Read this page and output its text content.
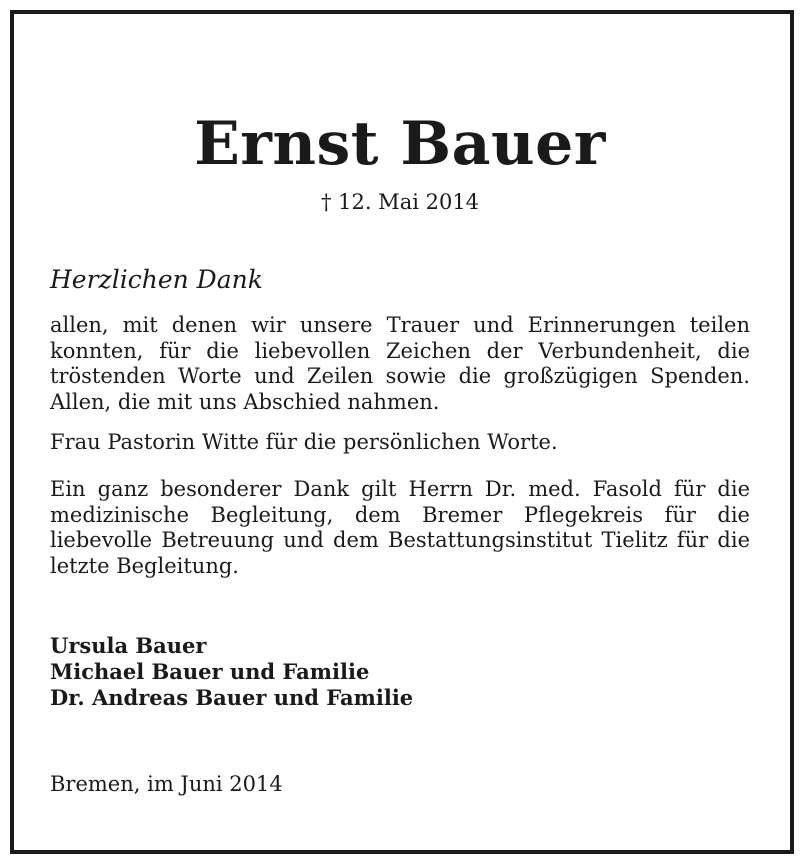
Ernst Bauer
† 12. Mai 2014
Herzlichen Dank

allen, mit denen wir unsere Trauer und Erinnerungen teilen konnten, für die liebevollen Zeichen der Verbundenheit, die tröstenden Worte und Zeilen sowie die großzügigen Spenden. Allen, die mit uns Abschied nahmen.

Frau Pastorin Witte für die persönlichen Worte.

Ein ganz besonderer Dank gilt Herrn Dr. med. Fasold für die medizinische Begleitung, dem Bremer Pflegekreis für die liebevolle Betreuung und dem Bestattungsinstitut Tielitz für die letzte Begleitung.

Ursula Bauer
Michael Bauer und Familie
Dr. Andreas Bauer und Familie
Bremen, im Juni 2014
